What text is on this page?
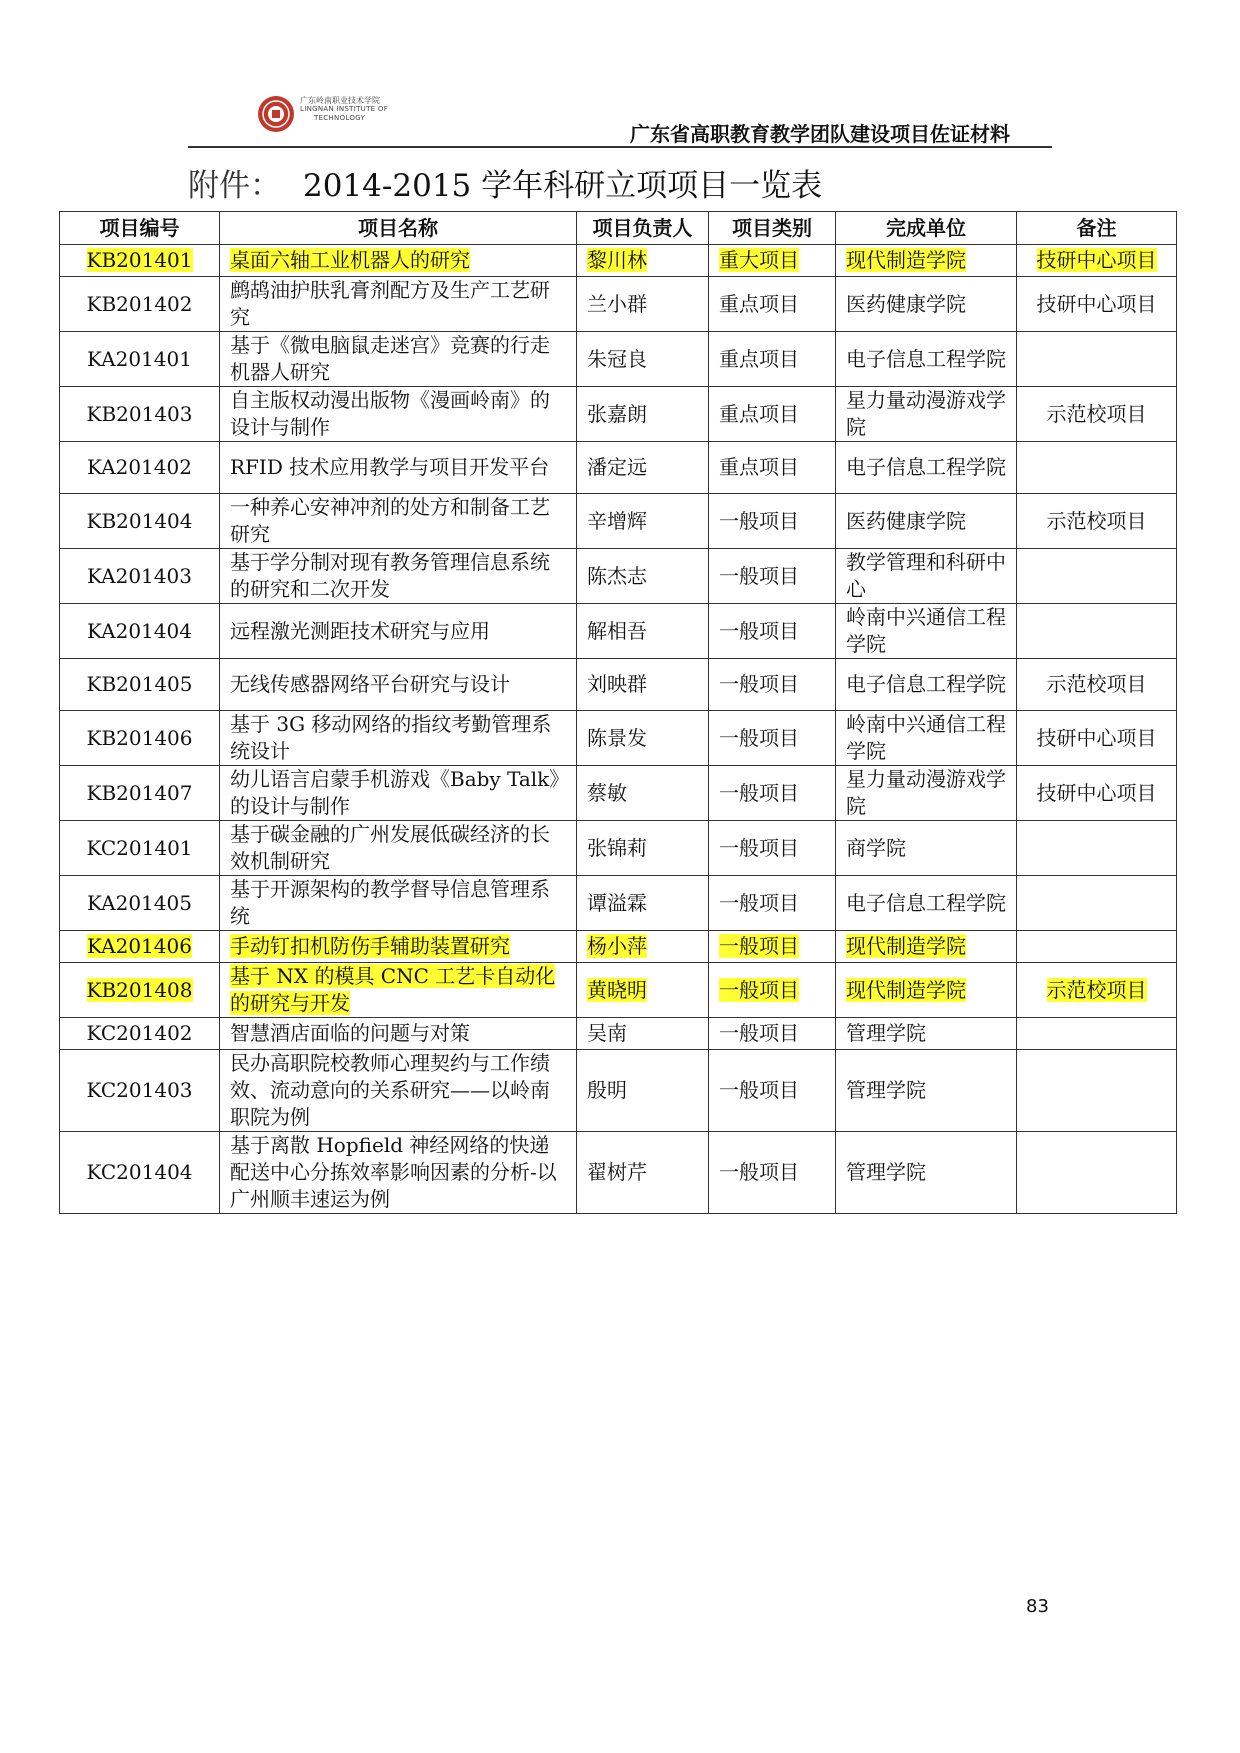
广东岭南职业技术学院
LINGNAN INSTITUTE OF
TECHNOLOGY
广东省高职教育教学团队建设项目佐证材料
附件： 2014-2015 学年科研立项项目一览表
项目编号	项目名称	项目负责人	项目类别	完成单位	备注
KB201401	桌面六轴工业机器人的研究	黎川林	重大项目	现代制造学院	技研中心项目
KB201402	鹧鸪油护肤乳膏剂配方及生产工艺研究	兰小群	重点项目	医药健康学院	技研中心项目
KA201401	基于《微电脑鼠走迷宫》竞赛的行走机器人研究	朱冠良	重点项目	电子信息工程学院	
KB201403	自主版权动漫出版物《漫画岭南》的设计与制作	张嘉朗	重点项目	星力量动漫游戏学院	示范校项目
KA201402	RFID 技术应用教学与项目开发平台	潘定远	重点项目	电子信息工程学院	
KB201404	一种养心安神冲剂的处方和制备工艺研究	辛增辉	一般项目	医药健康学院	示范校项目
KA201403	基于学分制对现有教务管理信息系统的研究和二次开发	陈杰志	一般项目	教学管理和科研中心	
KA201404	远程激光测距技术研究与应用	解相吾	一般项目	岭南中兴通信工程学院	
KB201405	无线传感器网络平台研究与设计	刘映群	一般项目	电子信息工程学院	示范校项目
KB201406	基于 3G 移动网络的指纹考勤管理系统设计	陈景发	一般项目	岭南中兴通信工程学院	技研中心项目
KB201407	幼儿语言启蒙手机游戏《Baby Talk》的设计与制作	蔡敏	一般项目	星力量动漫游戏学院	技研中心项目
KC201401	基于碳金融的广州发展低碳经济的长效机制研究	张锦莉	一般项目	商学院	
KA201405	基于开源架构的教学督导信息管理系统	谭溢霖	一般项目	电子信息工程学院	
KA201406	手动钉扣机防伤手辅助装置研究	杨小萍	一般项目	现代制造学院	
KB201408	基于 NX 的模具 CNC 工艺卡自动化的研究与开发	黄晓明	一般项目	现代制造学院	示范校项目
KC201402	智慧酒店面临的问题与对策	吴南	一般项目	管理学院	
KC201403	民办高职院校教师心理契约与工作绩效、流动意向的关系研究——以岭南职院为例	殷明	一般项目	管理学院	
KC201404	基于离散 Hopfield 神经网络的快递配送中心分拣效率影响因素的分析-以广州顺丰速运为例	翟树芹	一般项目	管理学院	
83
